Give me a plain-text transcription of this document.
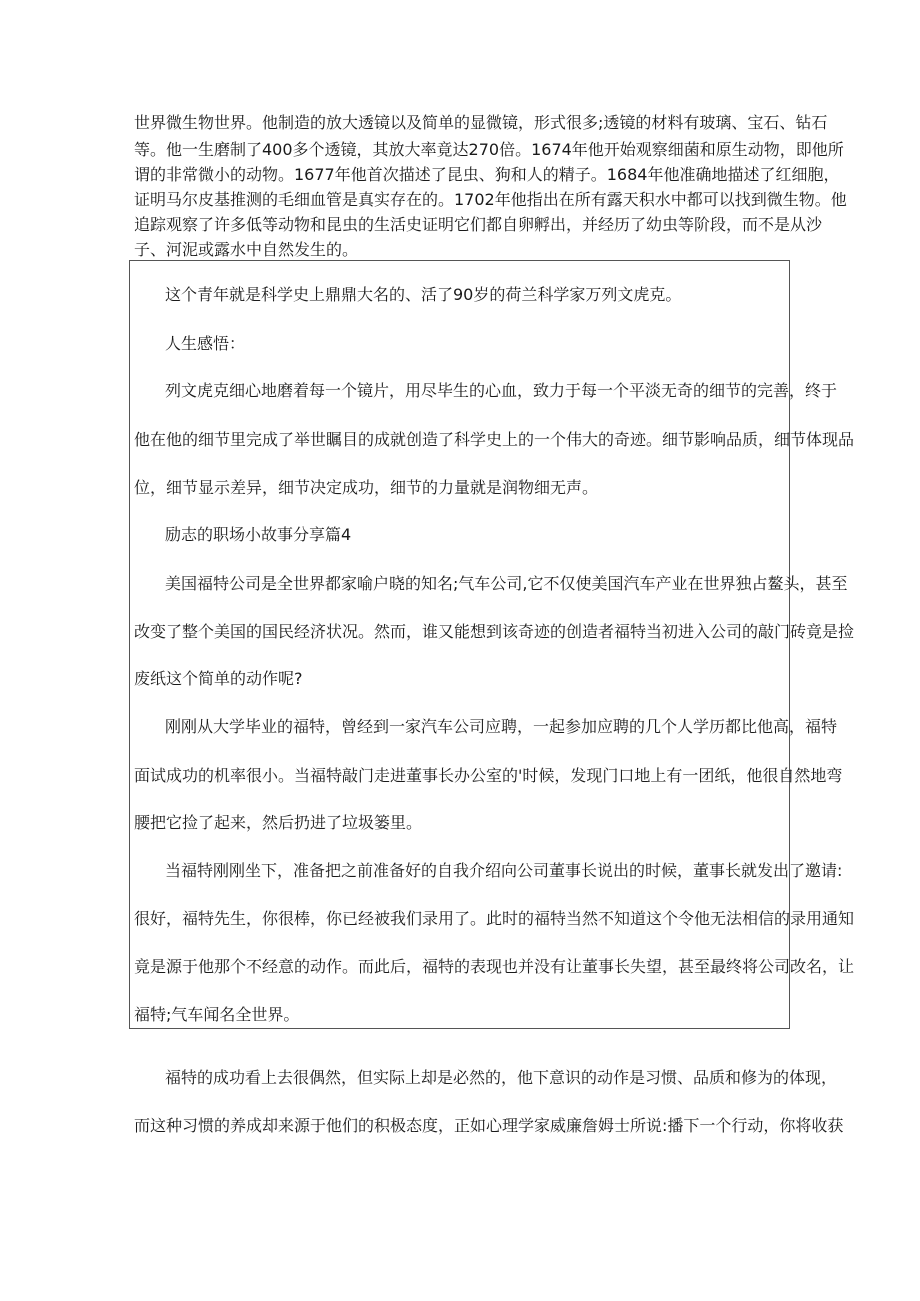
世界微生物世界。他制造的放大透镜以及简单的显微镜，形式很多;透镜的材料有玻璃、宝石、钻石

等。他一生磨制了400多个透镜，其放大率竟达270倍。1674年他开始观察细菌和原生动物，即他所

谓的非常微小的动物。1677年他首次描述了昆虫、狗和人的精子。1684年他准确地描述了红细胞，

证明马尔皮基推测的毛细血管是真实存在的。1702年他指出在所有露天积水中都可以找到微生物。他

追踪观察了许多低等动物和昆虫的生活史证明它们都自卵孵出，并经历了幼虫等阶段，而不是从沙

子、河泥或露水中自然发生的。

这个青年就是科学史上鼎鼎大名的、活了90岁的荷兰科学家万列文虎克。

人生感悟：

列文虎克细心地磨着每一个镜片，用尽毕生的心血，致力于每一个平淡无奇的细节的完善，终于

他在他的细节里完成了举世瞩目的成就创造了科学史上的一个伟大的奇迹。细节影响品质，细节体现品

位，细节显示差异，细节决定成功，细节的力量就是润物细无声。

励志的职场小故事分享篇4

美国福特公司是全世界都家喻户晓的知名;气车公司,它不仅使美国汽车产业在世界独占鳌头，甚至

改变了整个美国的国民经济状况。然而，谁又能想到该奇迹的创造者福特当初进入公司的敲门砖竟是捡

废纸这个简单的动作呢?

刚刚从大学毕业的福特，曾经到一家汽车公司应聘，一起参加应聘的几个人学历都比他高，福特

面试成功的机率很小。当福特敲门走进董事长办公室的'时候，发现门口地上有一团纸，他很自然地弯

腰把它捡了起来，然后扔进了垃圾篓里。

当福特刚刚坐下，准备把之前准备好的自我介绍向公司董事长说出的时候，董事长就发出了邀请:

很好，福特先生，你很棒，你已经被我们录用了。此时的福特当然不知道这个令他无法相信的录用通知

竟是源于他那个不经意的动作。而此后，福特的表现也并没有让董事长失望，甚至最终将公司改名，让

福特;气车闻名全世界。

福特的成功看上去很偶然，但实际上却是必然的，他下意识的动作是习惯、品质和修为的体现，

而这种习惯的养成却来源于他们的积极态度，正如心理学家威廉詹姆士所说:播下一个行动，你将收获
